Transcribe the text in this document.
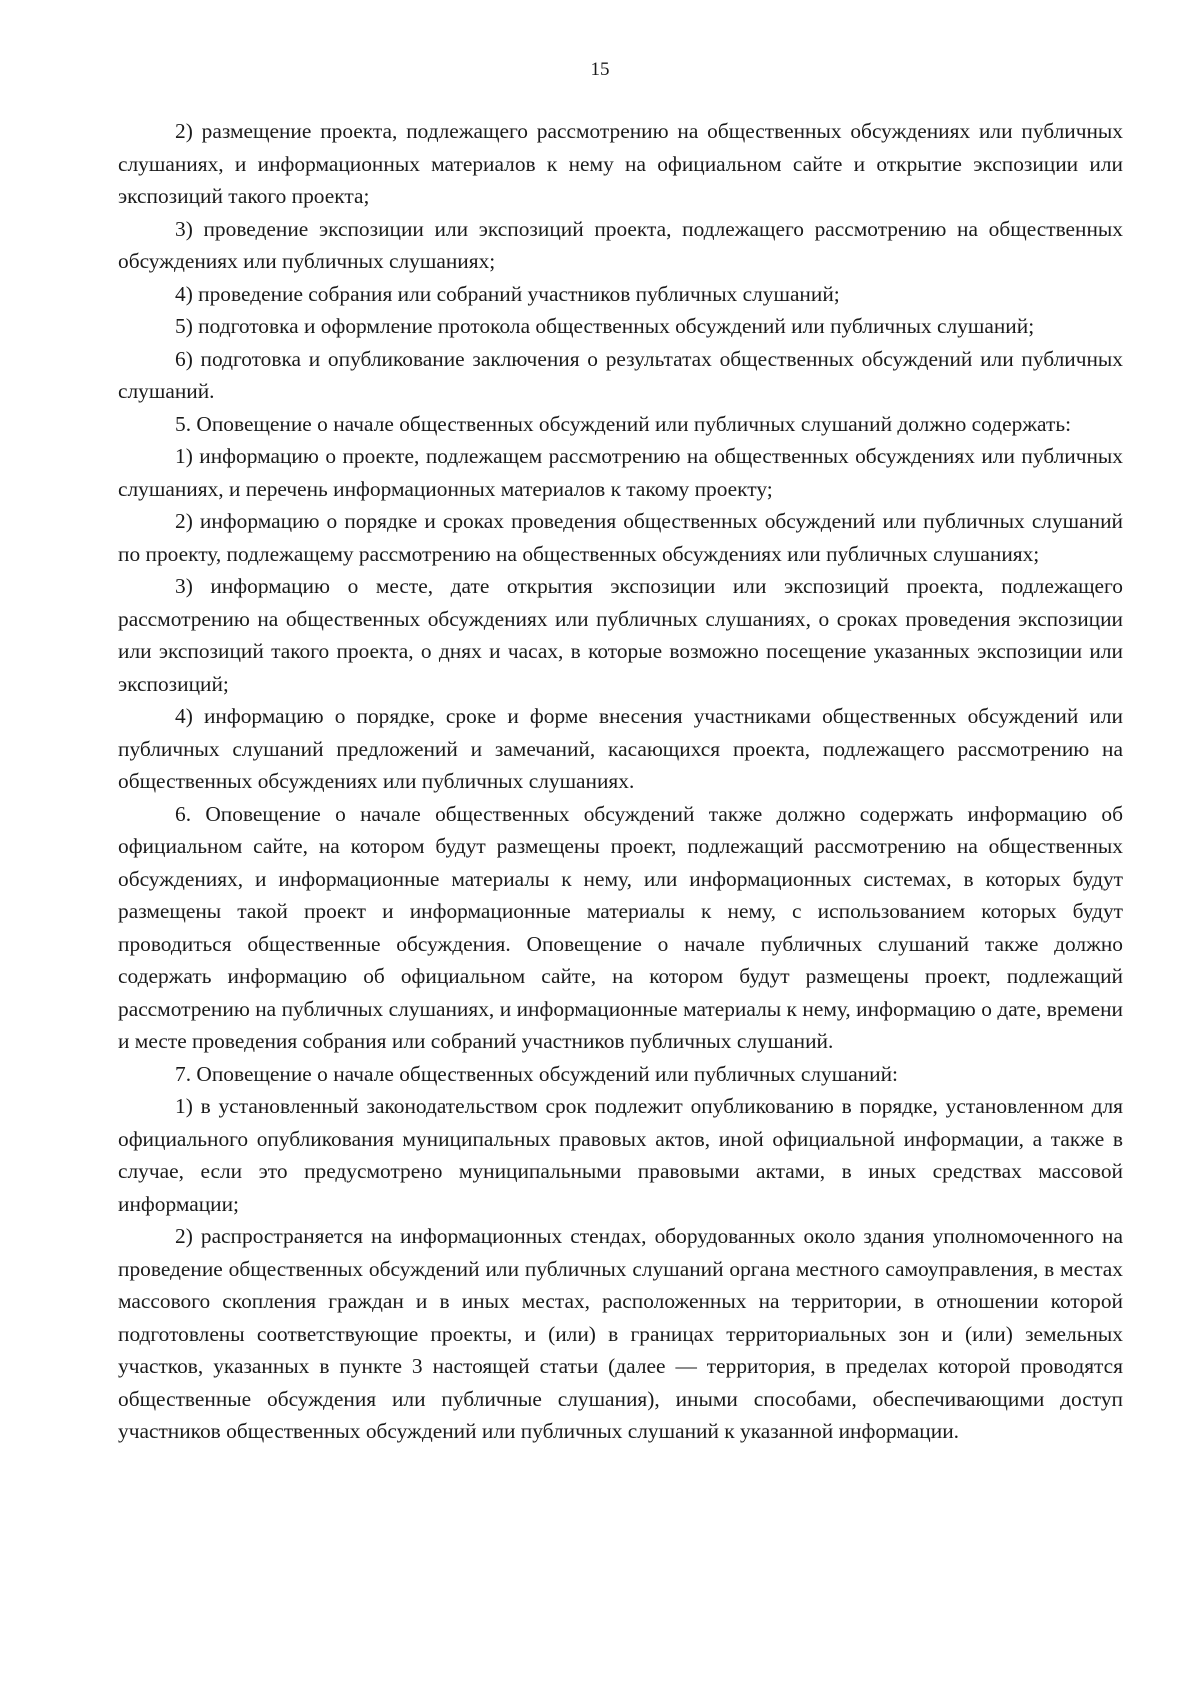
15

2) размещение проекта, подлежащего рассмотрению на общественных обсуждениях или публичных слушаниях, и информационных материалов к нему на официальном сайте и открытие экспозиции или экспозиций такого проекта;

3) проведение экспозиции или экспозиций проекта, подлежащего рассмотрению на общественных обсуждениях или публичных слушаниях;

4) проведение собрания или собраний участников публичных слушаний;

5) подготовка и оформление протокола общественных обсуждений или публичных слушаний;

6) подготовка и опубликование заключения о результатах общественных обсуждений или публичных слушаний.

5. Оповещение о начале общественных обсуждений или публичных слушаний должно содержать:

1) информацию о проекте, подлежащем рассмотрению на общественных обсуждениях или публичных слушаниях, и перечень информационных материалов к такому проекту;

2) информацию о порядке и сроках проведения общественных обсуждений или публичных слушаний по проекту, подлежащему рассмотрению на общественных обсуждениях или публичных слушаниях;

3) информацию о месте, дате открытия экспозиции или экспозиций проекта, подлежащего рассмотрению на общественных обсуждениях или публичных слушаниях, о сроках проведения экспозиции или экспозиций такого проекта, о днях и часах, в которые возможно посещение указанных экспозиции или экспозиций;

4) информацию о порядке, сроке и форме внесения участниками общественных обсуждений или публичных слушаний предложений и замечаний, касающихся проекта, подлежащего рассмотрению на общественных обсуждениях или публичных слушаниях.

6. Оповещение о начале общественных обсуждений также должно содержать информацию об официальном сайте, на котором будут размещены проект, подлежащий рассмотрению на общественных обсуждениях, и информационные материалы к нему, или информационных системах, в которых будут размещены такой проект и информационные материалы к нему, с использованием которых будут проводиться общественные обсуждения. Оповещение о начале публичных слушаний также должно содержать информацию об официальном сайте, на котором будут размещены проект, подлежащий рассмотрению на публичных слушаниях, и информационные материалы к нему, информацию о дате, времени и месте проведения собрания или собраний участников публичных слушаний.

7. Оповещение о начале общественных обсуждений или публичных слушаний:

1) в установленный законодательством срок подлежит опубликованию в порядке, установленном для официального опубликования муниципальных правовых актов, иной официальной информации, а также в случае, если это предусмотрено муниципальными правовыми актами, в иных средствах массовой информации;

2) распространяется на информационных стендах, оборудованных около здания уполномоченного на проведение общественных обсуждений или публичных слушаний органа местного самоуправления, в местах массового скопления граждан и в иных местах, расположенных на территории, в отношении которой подготовлены соответствующие проекты, и (или) в границах территориальных зон и (или) земельных участков, указанных в пункте 3 настоящей статьи (далее — территория, в пределах которой проводятся общественные обсуждения или публичные слушания), иными способами, обеспечивающими доступ участников общественных обсуждений или публичных слушаний к указанной информации.
